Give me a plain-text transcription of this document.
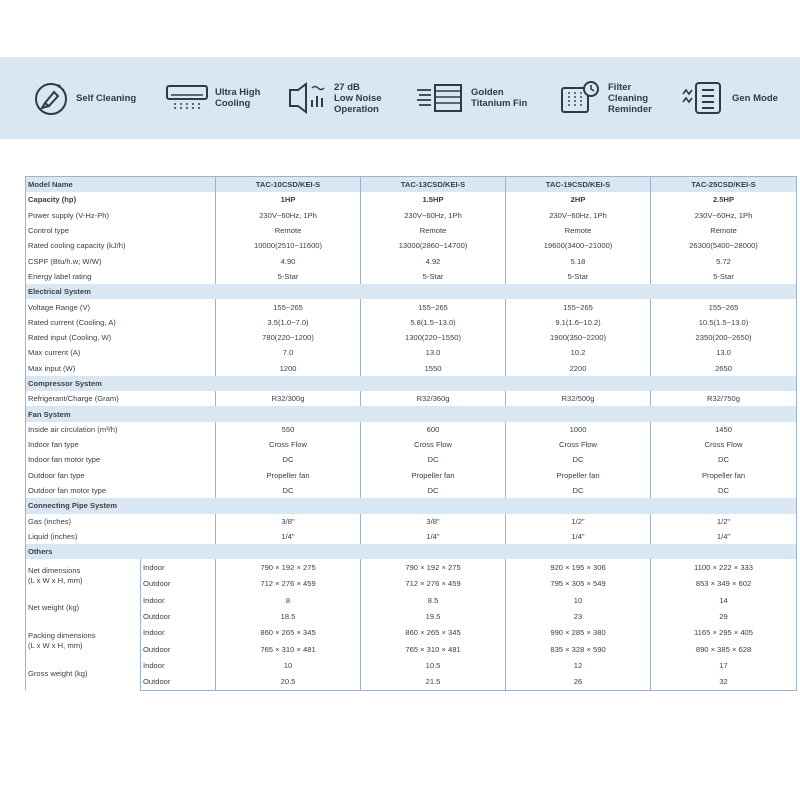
Self Cleaning	Ultra High
Cooling
27 dB
Low Noise
Operation
Golden
Titanium Fin
Filter
Cleaning
Reminder
Gen Mode
Model Name		TAC-10CSD/KEI-S	TAC-13CSD/KEI-S	TAC-19CSD/KEI-S	TAC-25CSD/KEI-S
Capacity (hp)		1HP	1.5HP	2HP	2.5HP
Power supply (V-Hz-Ph)		230V~60Hz, 1Ph	230V~60Hz, 1Ph	230V~60Hz, 1Ph	230V~60Hz, 1Ph
Control type		Remote	Remote	Remote	Remote
Rated cooling capacity (kJ/h)		10000(2510~11600)	13000(2860~14700)	19600(3400~21000)	26300(5400~28000)
CSPF (Btu/h.w; W/W)		4.90	4.92	5.18	5.72
Energy label rating		5-Star	5-Star	5-Star	5-Star
Electrical System					
Voltage Range (V)		155~265	155~265	155~265	155~265
Rated current (Cooling, A)		3.5(1.0~7.0)	5.8(1.5~13.0)	9.1(1.6~10.2)	10.5(1.5~13.0)
Rated input (Cooling, W)		780(220~1200)	1300(220~1550)	1900(350~2200)	2350(200~2650)
Max current (A)		7.0	13.0	10.2	13.0
Max input (W)		1200	1550	2200	2650
Compressor System					
Refrigerant/Charge (Gram)		R32/300g	R32/360g	R32/500g	R32/750g
Fan System					
Inside air circulation (m³/h)		550	600	1000	1450
Indoor fan type		Cross Flow	Cross Flow	Cross Flow	Cross Flow
Indoor fan motor type		DC	DC	DC	DC
Outdoor fan type		Propeller fan	Propeller fan	Propeller fan	Propeller fan
Outdoor fan motor type		DC	DC	DC	DC
Connecting Pipe System					
Gas (inches)		3/8"	3/8"	1/2"	1/2"
Liquid (inches)		1/4"	1/4"	1/4"	1/4"
Others					
Net dimensions
(L x W x H, mm)	Indoor	790 × 192 × 275	790 × 192 × 275	920 × 195 × 306	1100 × 222 × 333
	Outdoor	712 × 276 × 459	712 × 276 × 459	795 × 305 × 549	853 × 349 × 602
Net weight (kg)	Indoor	8	8.5	10	14
	Outdoor	18.5	19.5	23	29
Packing dimensions
(L x W x H, mm)	Indoor	860 × 265 × 345	860 × 265 × 345	990 × 285 × 380	1165 × 295 × 405
	Outdoor	765 × 310 × 481	765 × 310 × 481	835 × 328 × 590	890 × 385 × 628
Gross weight (kg)	Indoor	10	10.5	12	17
	Outdoor	20.5	21.5	26	32
